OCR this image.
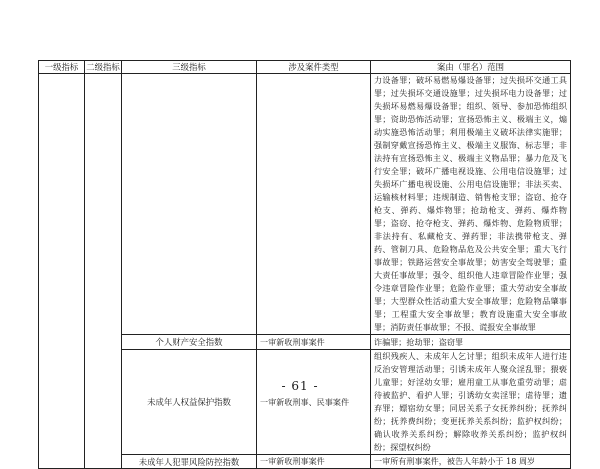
一级指标	二级指标	三级指标	涉及案件类型	案由（罪名）范围
				力设备罪；破坏易燃易爆设备罪；过失损坏交通工具罪；过失损坏交通设施罪；过失损坏电力设备罪；过失损坏易燃易爆设备罪；组织、领导、参加恐怖组织罪；资助恐怖活动罪；宣扬恐怖主义、极端主义，煽动实施恐怖活动罪；利用极端主义破坏法律实施罪；强制穿戴宣扬恐怖主义、极端主义服饰、标志罪；非法持有宣扬恐怖主义、极端主义物品罪；暴力危及飞行安全罪；破坏广播电视设施、公用电信设施罪；过失损坏广播电视设施、公用电信设施罪；非法买卖、运输核材料罪；违规制造、销售枪支罪；盗窃、抢夺枪支、弹药、爆炸物罪；抢劫枪支、弹药、爆炸物罪；盗窃、抢夺枪支、弹药、爆炸物、危险物质罪；非法持有、私藏枪支、弹药罪；非法携带枪支、弹药、管制刀具、危险物品危及公共安全罪；重大飞行事故罪；铁路运营安全事故罪；妨害安全驾驶罪；重大责任事故罪；强令、组织他人违章冒险作业罪；强令违章冒险作业罪；危险作业罪；重大劳动安全事故罪；大型群众性活动重大安全事故罪；危险物品肇事罪；工程重大安全事故罪；教育设施重大安全事故罪；消防责任事故罪；不报、谎报安全事故罪
		个人财产安全指数	一审新收刑事案件	诈骗罪；抢劫罪；盗窃罪
		未成年人权益保护指数	一审新收刑事、民事案件	组织残疾人、未成年人乞讨罪；组织未成年人进行违反治安管理活动罪；引诱未成年人聚众淫乱罪；猥亵儿童罪；好淫幼女罪；雇用童工从事危重劳动罪；虐待被监护、看护人罪；引诱幼女卖淫罪；虐待罪；遗弃罪；嫖宿幼女罪；同居关系子女抚养纠纷；抚养纠纷；抚养费纠纷；变更抚养关系纠纷；监护权纠纷；确认收养关系纠纷；解除收养关系纠纷；监护权纠纷；探望权纠纷
		未成年人犯罪风险防控指数	一审新收刑事案件	一审所有刑事案件，被告人年龄小于 18 周岁
- 61 -
